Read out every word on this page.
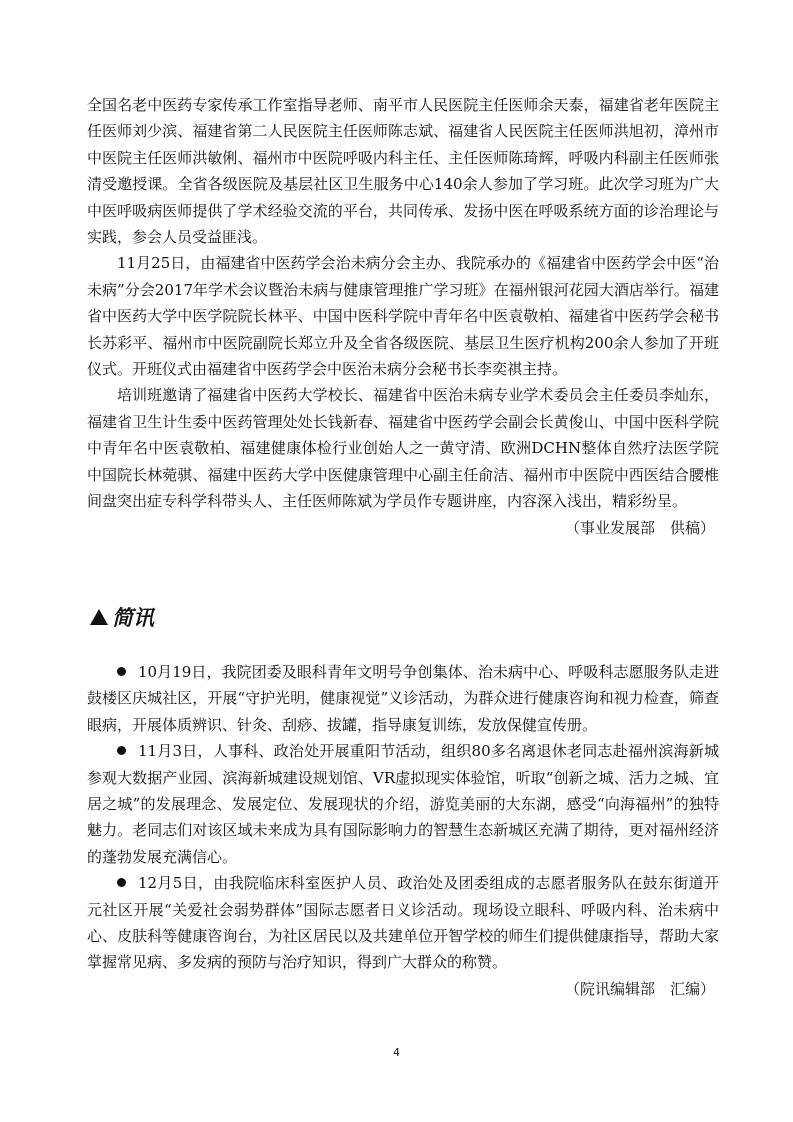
全国名老中医药专家传承工作室指导老师、南平市人民医院主任医师余天泰，福建省老年医院主任医师刘少滨、福建省第二人民医院主任医师陈志斌、福建省人民医院主任医师洪旭初，漳州市中医院主任医师洪敏俐、福州市中医院呼吸内科主任、主任医师陈琦辉，呼吸内科副主任医师张清受邀授课。全省各级医院及基层社区卫生服务中心140余人参加了学习班。此次学习班为广大中医呼吸病医师提供了学术经验交流的平台，共同传承、发扬中医在呼吸系统方面的诊治理论与实践，参会人员受益匪浅。

11月25日，由福建省中医药学会治未病分会主办、我院承办的《福建省中医药学会中医“治未病”分会2017年学术会议暨治未病与健康管理推广学习班》在福州银河花园大酒店举行。福建省中医药大学中医学院院长林平、中国中医科学院中青年名中医袁敬柏、福建省中医药学会秘书长苏彩平、福州市中医院副院长郑立升及全省各级医院、基层卫生医疗机构200余人参加了开班仪式。开班仪式由福建省中医药学会中医治未病分会秘书长李奕祺主持。

培训班邀请了福建省中医药大学校长、福建省中医治未病专业学术委员会主任委员李灿东，福建省卫生计生委中医药管理处处长钱新春、福建省中医药学会副会长黄俊山、中国中医科学院中青年名中医袁敬柏、福建健康体检行业创始人之一黄守清、欧洲DCHN整体自然疗法医学院中国院长林菀骐、福建中医药大学中医健康管理中心副主任俞洁、福州市中医院中西医结合腰椎间盘突出症专科学科带头人、主任医师陈斌为学员作专题讲座，内容深入浅出，精彩纷呈。

（事业发展部　供稿）

简讯

10月19日，我院团委及眼科青年文明号争创集体、治未病中心、呼吸科志愿服务队走进鼓楼区庆城社区，开展“守护光明，健康视觉”义诊活动，为群众进行健康咨询和视力检查，筛查眼病，开展体质辨识、针灸、刮痧、拔罐，指导康复训练，发放保健宣传册。

11月3日，人事科、政治处开展重阳节活动，组织80多名离退休老同志赴福州滨海新城参观大数据产业园、滨海新城建设规划馆、VR虚拟现实体验馆，听取“创新之城、活力之城、宜居之城”的发展理念、发展定位、发展现状的介绍，游览美丽的大东湖，感受“向海福州”的独特魅力。老同志们对该区域未来成为具有国际影响力的智慧生态新城区充满了期待，更对福州经济的蓬勃发展充满信心。

12月5日，由我院临床科室医护人员、政治处及团委组成的志愿者服务队在鼓东街道开元社区开展“关爱社会弱势群体”国际志愿者日义诊活动。现场设立眼科、呼吸内科、治未病中心、皮肤科等健康咨询台，为社区居民以及共建单位开智学校的师生们提供健康指导，帮助大家掌握常见病、多发病的预防与治疗知识，得到广大群众的称赞。

（院讯编辑部　汇编）

4
